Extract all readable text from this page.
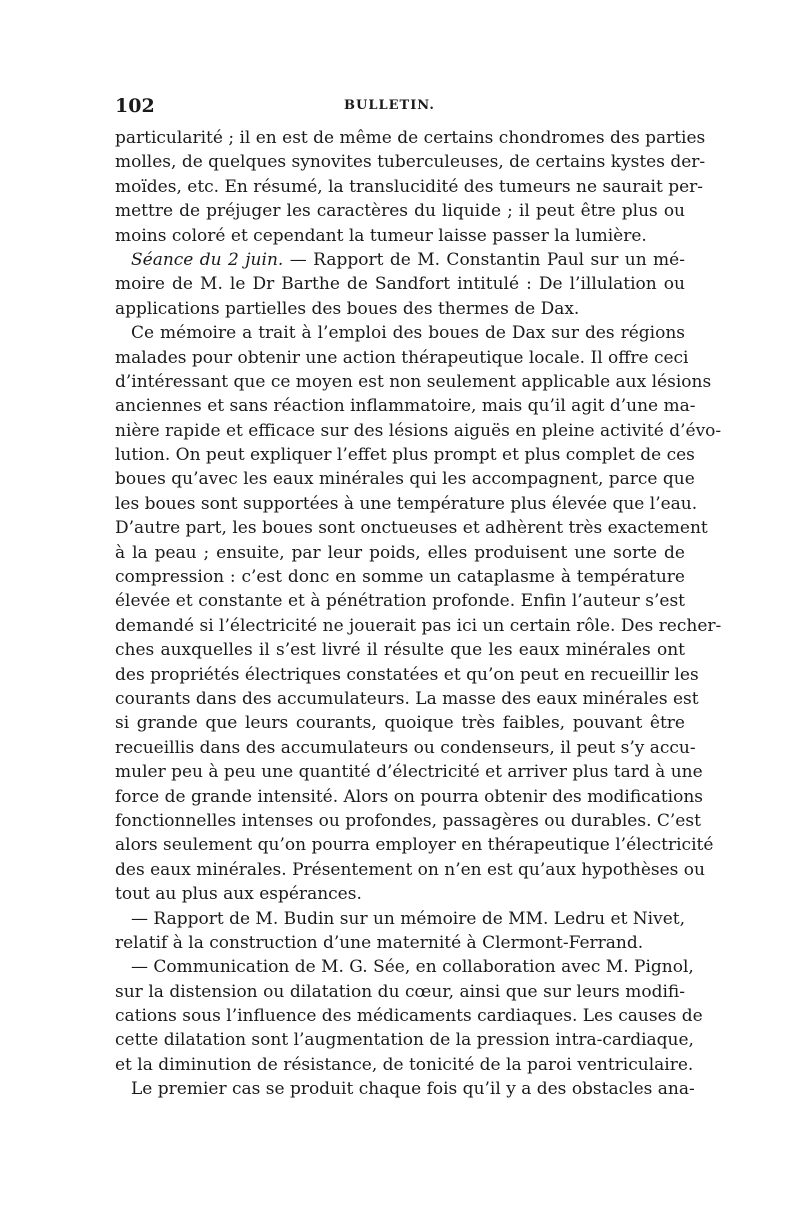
102	BULLETIN.
particularité ; il en est de même de certains chondromes des parties
molles, de quelques synovites tuberculeuses, de certains kystes der-
moïdes, etc. En résumé, la translucidité des tumeurs ne saurait per-
mettre de préjuger les caractères du liquide ; il peut être plus ou
moins coloré et cependant la tumeur laisse passer la lumière.
Séance du 2 juin. — Rapport de M. Constantin Paul sur un mé-
moire de M. le Dr Barthe de Sandfort intitulé : De l’illulation ou
applications partielles des boues des thermes de Dax.
Ce mémoire a trait à l’emploi des boues de Dax sur des régions
malades pour obtenir une action thérapeutique locale. Il offre ceci
d’intéressant que ce moyen est non seulement applicable aux lésions
anciennes et sans réaction inflammatoire, mais qu’il agit d’une ma-
nière rapide et efficace sur des lésions aiguës en pleine activité d’évo-
lution. On peut expliquer l’effet plus prompt et plus complet de ces
boues qu’avec les eaux minérales qui les accompagnent, parce que
les boues sont supportées à une température plus élevée que l’eau.
D’autre part, les boues sont onctueuses et adhèrent très exactement
à la peau ; ensuite, par leur poids, elles produisent une sorte de
compression : c’est donc en somme un cataplasme à température
élevée et constante et à pénétration profonde. Enfin l’auteur s’est
demandé si l’électricité ne jouerait pas ici un certain rôle. Des recher-
ches auxquelles il s’est livré il résulte que les eaux minérales ont
des propriétés électriques constatées et qu’on peut en recueillir les
courants dans des accumulateurs. La masse des eaux minérales est
si grande que leurs courants, quoique très faibles, pouvant être
recueillis dans des accumulateurs ou condenseurs, il peut s’y accu-
muler peu à peu une quantité d’électricité et arriver plus tard à une
force de grande intensité. Alors on pourra obtenir des modifications
fonctionnelles intenses ou profondes, passagères ou durables. C’est
alors seulement qu’on pourra employer en thérapeutique l’électricité
des eaux minérales. Présentement on n’en est qu’aux hypothèses ou
tout au plus aux espérances.
— Rapport de M. Budin sur un mémoire de MM. Ledru et Nivet,
relatif à la construction d’une maternité à Clermont-Ferrand.
— Communication de M. G. Sée, en collaboration avec M. Pignol,
sur la distension ou dilatation du cœur, ainsi que sur leurs modifi-
cations sous l’influence des médicaments cardiaques. Les causes de
cette dilatation sont l’augmentation de la pression intra-cardiaque,
et la diminution de résistance, de tonicité de la paroi ventriculaire.
Le premier cas se produit chaque fois qu’il y a des obstacles ana-
